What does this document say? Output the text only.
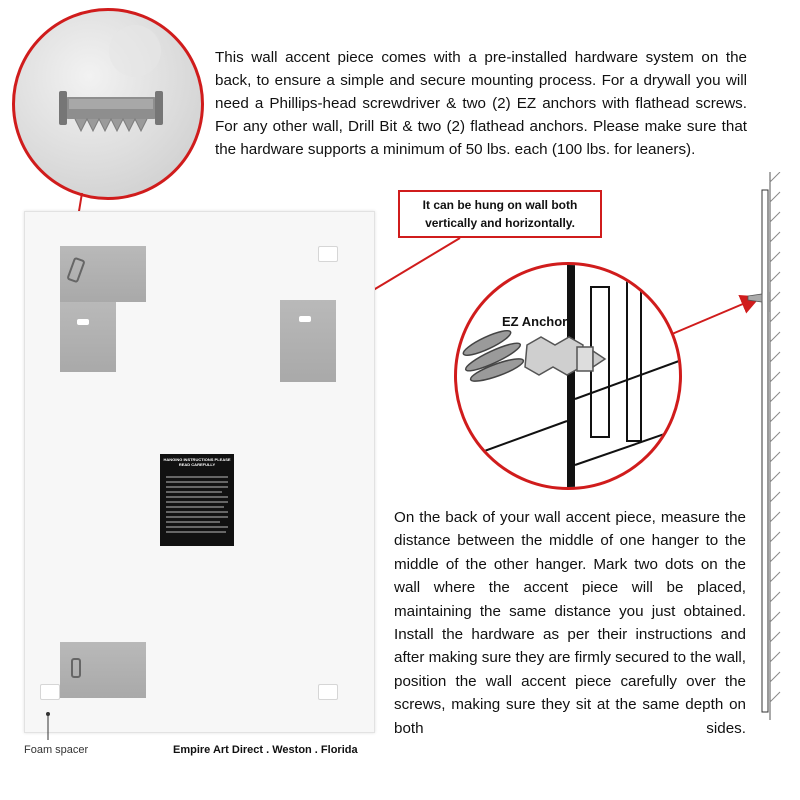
This wall accent piece comes with a pre-installed hardware system on the back, to ensure a simple and secure mounting process. For a drywall you will need a Phillips-head screwdriver & two (2) EZ anchors with flathead screws. For any other wall, Drill Bit & two (2) flathead anchors. Please make sure that the hardware supports a minimum of 50 lbs. each (100 lbs. for leaners).
HANGING INSTRUCTIONS PLEASE READ CAREFULLY
It can be hung on wall both vertically and horizontally.
EZ Anchor
On the back of your wall accent piece, measure the distance between the middle of one hanger to the middle of the other hanger. Mark two dots on the wall where the accent piece will be placed, maintaining the same distance you just obtained. Install the hardware as per their instructions and after making sure they are firmly secured to the wall, position the wall accent piece carefully over the screws, making sure they sit at the same depth on both sides.
Foam spacer	Empire Art Direct . Weston . Florida
